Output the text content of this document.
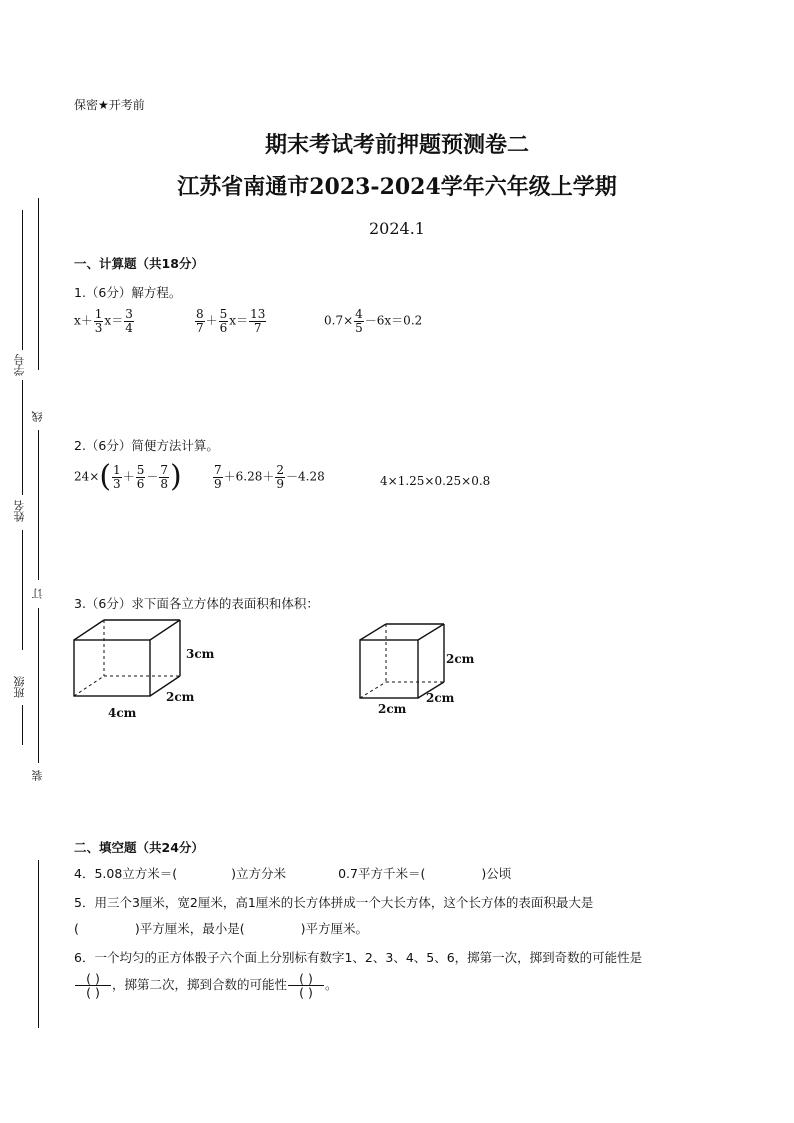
学号
线
姓名
订
班级
装
保密★开考前
期末考试考前押题预测卷二
江苏省南通市2023-2024学年六年级上学期
2024.1
一、计算题（共18分）
1.（6分）解方程。
$x+ \frac{1}{3} x= \frac{3}{4}$	$\frac{8}{7} + \frac{5}{6} x= \frac{13}{7}$	$0.7\times \frac{4}{5} -6x=0.2$
2.（6分）简便方法计算。
$24\times( \frac{1}{3} + \frac{5}{6} - \frac{7}{8}$ )	$\frac{7}{9} +6.28+ \frac{2}{9} -4.28$	4×1.25×0.25×0.8
3.（6分）求下面各立方体的表面积和体积：
3cm
2cm
4cm
2cm
2cm
2cm
二、填空题（共24分）
4．5.08立方米＝(	)立方分米	0.7平方千米＝(	)公顷
5．用三个3厘米，宽2厘米，高1厘米的长方体拼成一个大长方体，这个长方体的表面积最大是
(	)平方厘米，最小是(	)平方厘米。
6．一个均匀的正方体骰子六个面上分别标有数字1、2、3、4、5、6，掷第一次，掷到奇数的可能性是
$\frac{( )}{( )}$ ，掷第二次，掷到合数的可能性 $\frac{( )}{( )}$ 。
